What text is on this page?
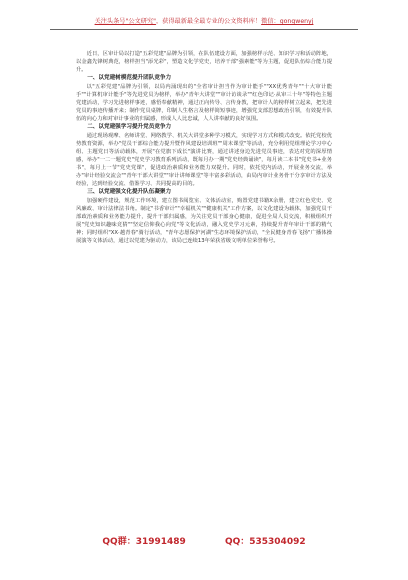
关注头条号"公文研究"，获得最新最全最专业的公文资料库！微信：gongwenyj

近日，区审计局以打造"五彩党建"品牌为引领，在队伍建设方面，加强榜样示范、知识学习和活动阵地，以金鑫先锋树典范，榜样担当"添光彩"，塑造文化学党史，培养干部"强素能"等为主题，促进队伍综合能力提升。

一、以党建树模范提升团队竞争力

以"五彩党建"品牌为引领，以局内涌现出的"全省审计担当作为审计能手""XX优秀青年""十大审计能手""计算机审计能手"等先进党员为榜样，举办"青年大讲堂""审计访谈录""红色印记·从审三十年"等特色主题党建活动，学习先进榜样事迹，感悟奉献精神，通过正向传导、言传身教，把审计人的榜样树立起来，把先进党员的事迹传播开来；制作党员桌牌，印制人生格言及榜样简短事迹，增强党支部思想政治引领，有效提升队伍的向心力和对审计事业的归属感，形成人人比忠诚，人人讲奉献的良好氛围。

二、以党建强学习提升党员竞争力

通过现场观摩、名师讲堂、网络教学、机关大讲堂多种学习模式，实现学习方式和模式改变。依托党校优势教育资源，举办"党员干部综合能力提升暨作风建设培训班""周末课堂"等活动，充分利用党组理论学习中心组、主题党日等活动载体，开展"在党旗下成长"演讲比赛，通过讲述身边先进党员事迹，表达对党的深厚情感，举办"一二一题党史"党史学习教育系列活动，既每月办一期"党史经典诵读"，每月读二本书"党史书+业务书"，每月上一节"党史党课"，促进政治素质和业务能力双提升。同时，依托党内活动，开展业务交流，举办"审计经验交流会""青年干部大讲堂""审计讲师课堂"等丰富多彩活动，由局内审计业务骨干分享审计方法及经验，达到经验交流、借鉴学习、共同提高的目的。

三、以党建强文化提升队伍凝聚力

加强硬件建设，规范工作环境，建立图书阅览室、文体活动室，购置党建书籍X余册，建立红色党史、党风廉政、审计法律法书角。制定"书香审计""幸福机关""健康机关"工作方案，以文化建设为载体，加强党员干部政治素质和业务能力提升，提升干部归属感，为关注党员干部身心健康，促进全局人员交流，积极组织开展"党史知识趣味竞猜""坚定信仰我心向党"等文化活动，融入党史学习元素，持续提升青年审计干部的精气神；同时组织"XX·越青春"骑行活动，"青年志愿保护河湖"生态环境保护活动，"全民健身青春飞扬"广播体操展演等文体活动，通过以党建为驱动力，该局已连续13年荣获省级文明单位荣誉称号。

QQ群：31991489	QQ：535304092
